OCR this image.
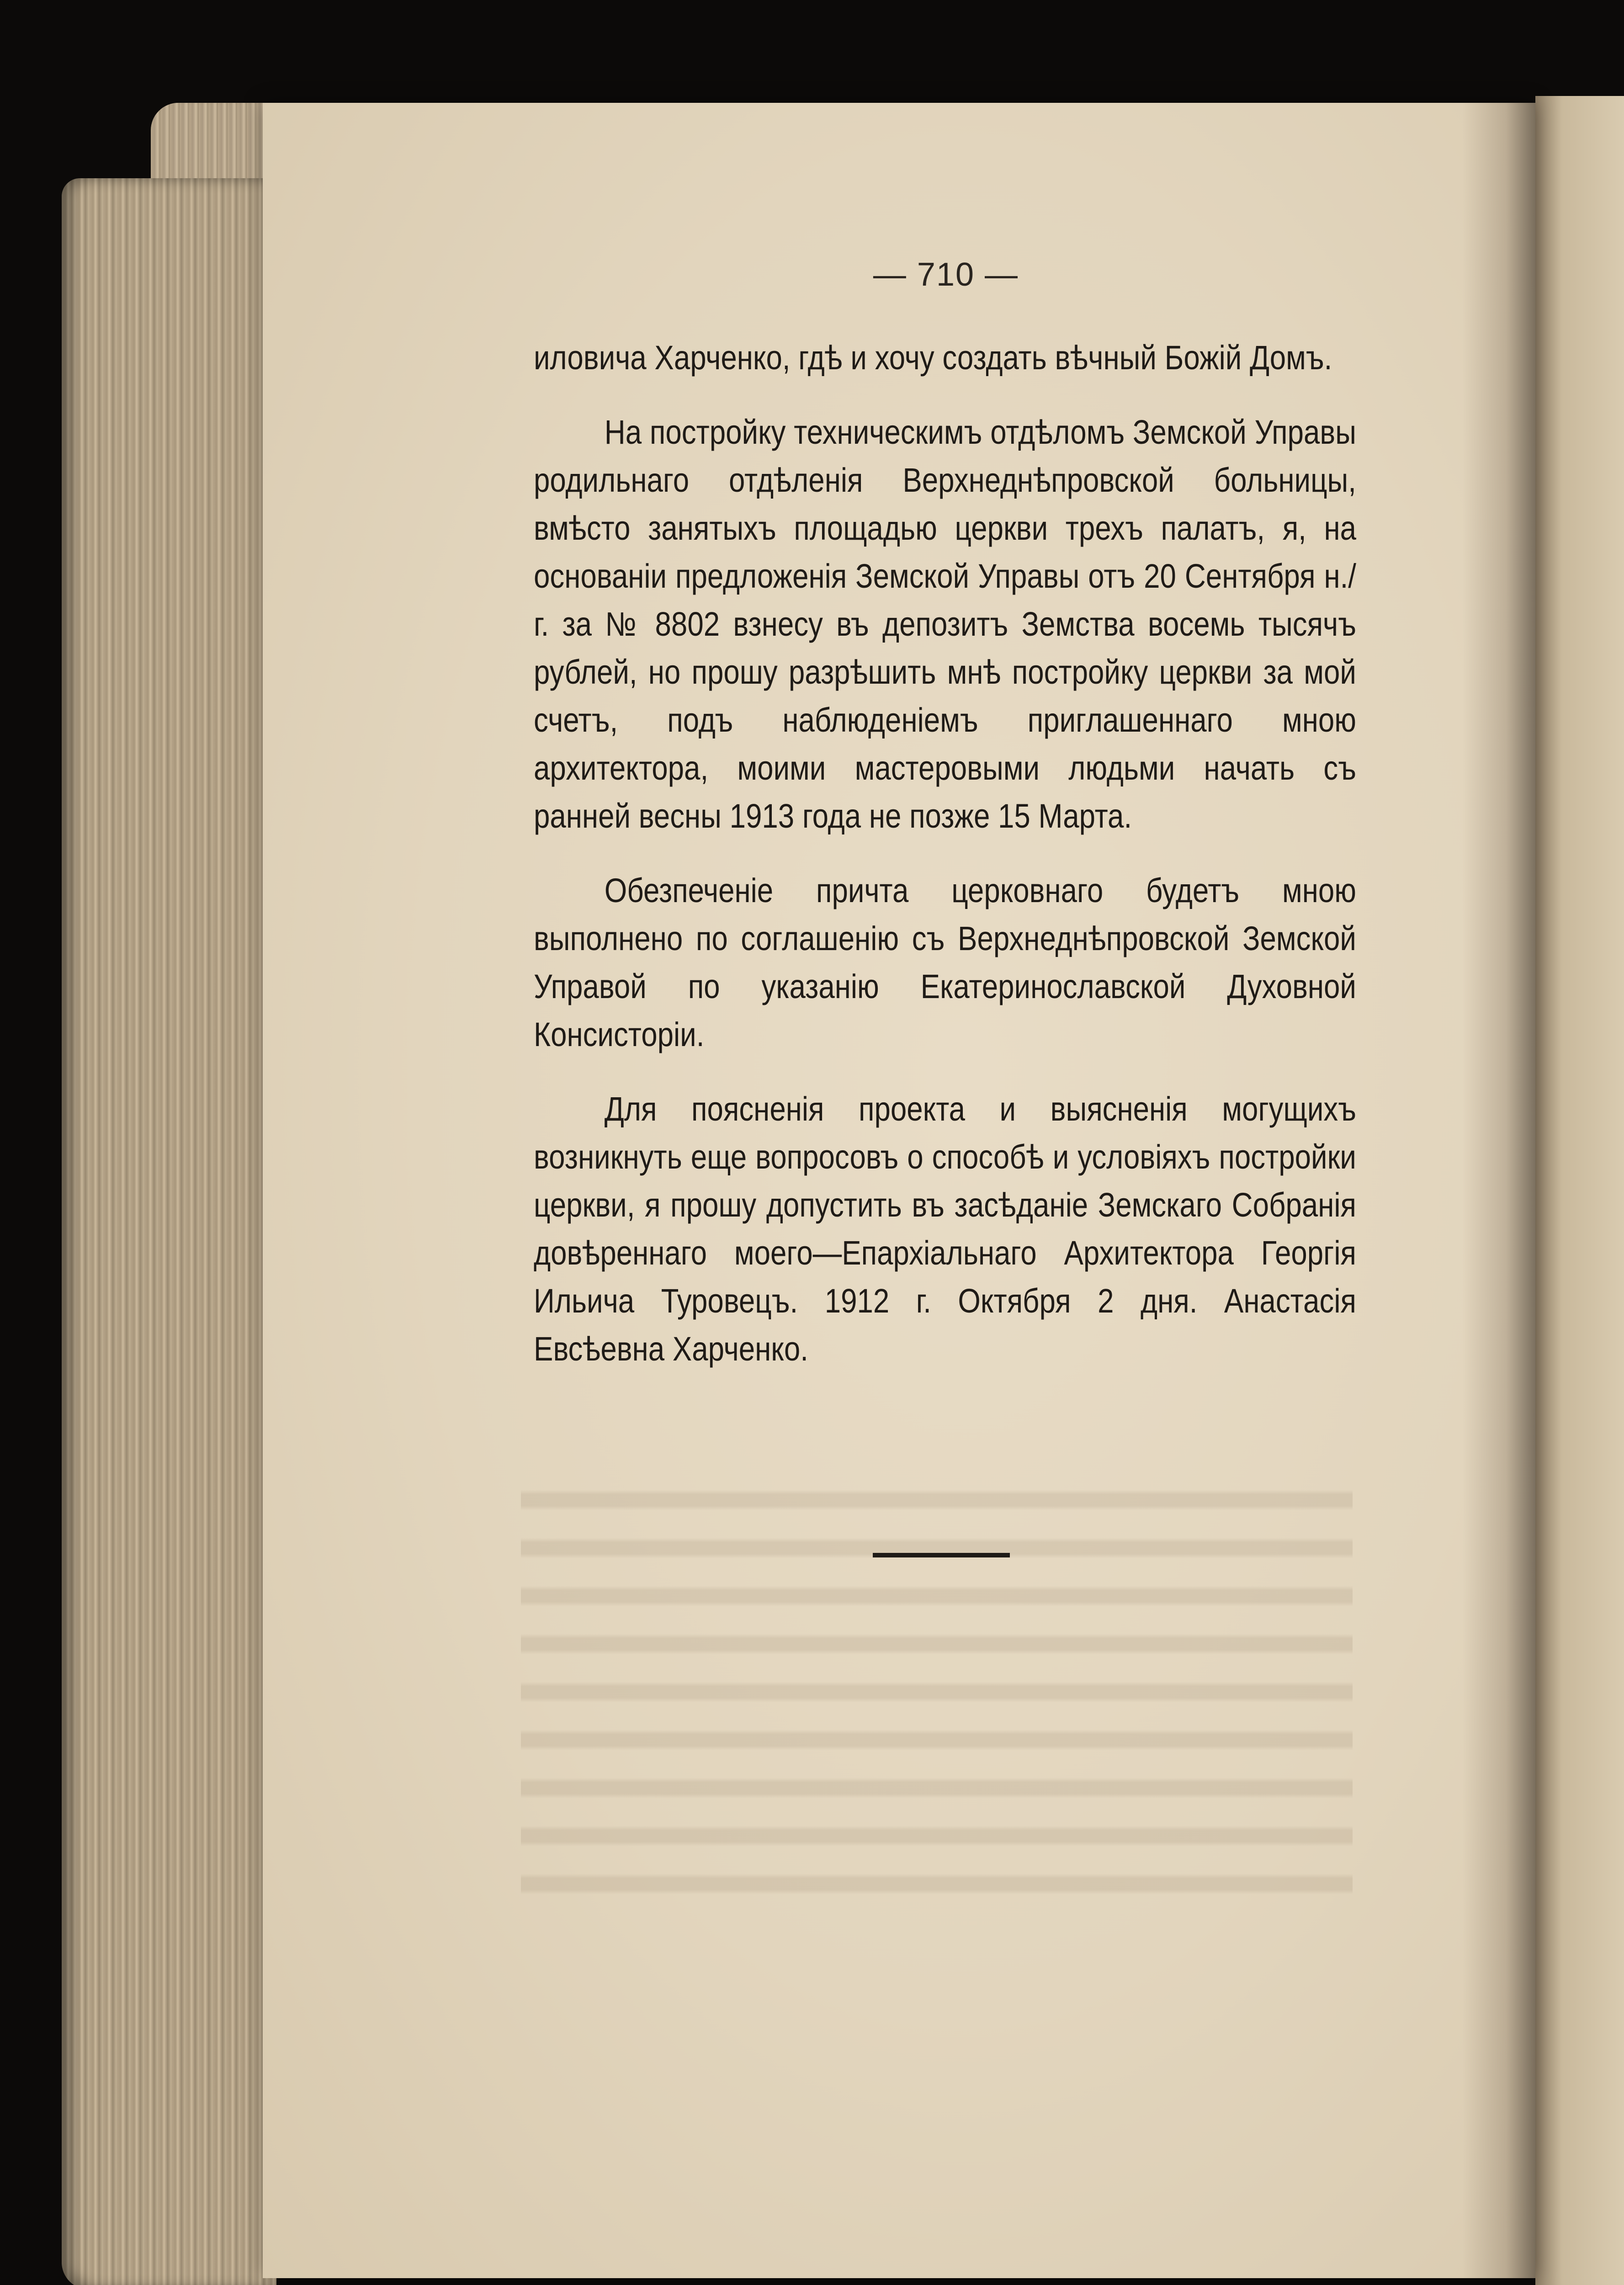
— 710 —

иловича Харченко, гдѣ и хочу создать вѣчный Божій Домъ.

На постройку техническимъ отдѣломъ Земской Управы родильнаго отдѣленія Верхнеднѣпровской больницы, вмѣсто занятыхъ площадью церкви трехъ палатъ, я, на основаніи предложенія Земской Управы отъ 20 Сентября н./г. за № 8802 взнесу въ депозитъ Земства восемь тысячъ рублей, но прошу разрѣшить мнѣ постройку церкви за мой счетъ, подъ наблюденіемъ приглашеннаго мною архитектора, моими мастеровыми людьми начать съ ранней весны 1913 года не позже 15 Марта.

Обезпеченіе причта церковнаго будетъ мною выполнено по соглашенію съ Верхнеднѣпровской Земской Управой по указанію Екатеринославской Духовной Консисторіи.

Для поясненія проекта и выясненія могущихъ возникнуть еще вопросовъ о способѣ и условіяхъ постройки церкви, я прошу допустить въ засѣданіе Земскаго Собранія довѣреннаго моего—Епархіальнаго Архитектора Георгія Ильича Туровецъ. 1912 г. Октября 2 дня. Анастасія Евсѣевна Харченко.
